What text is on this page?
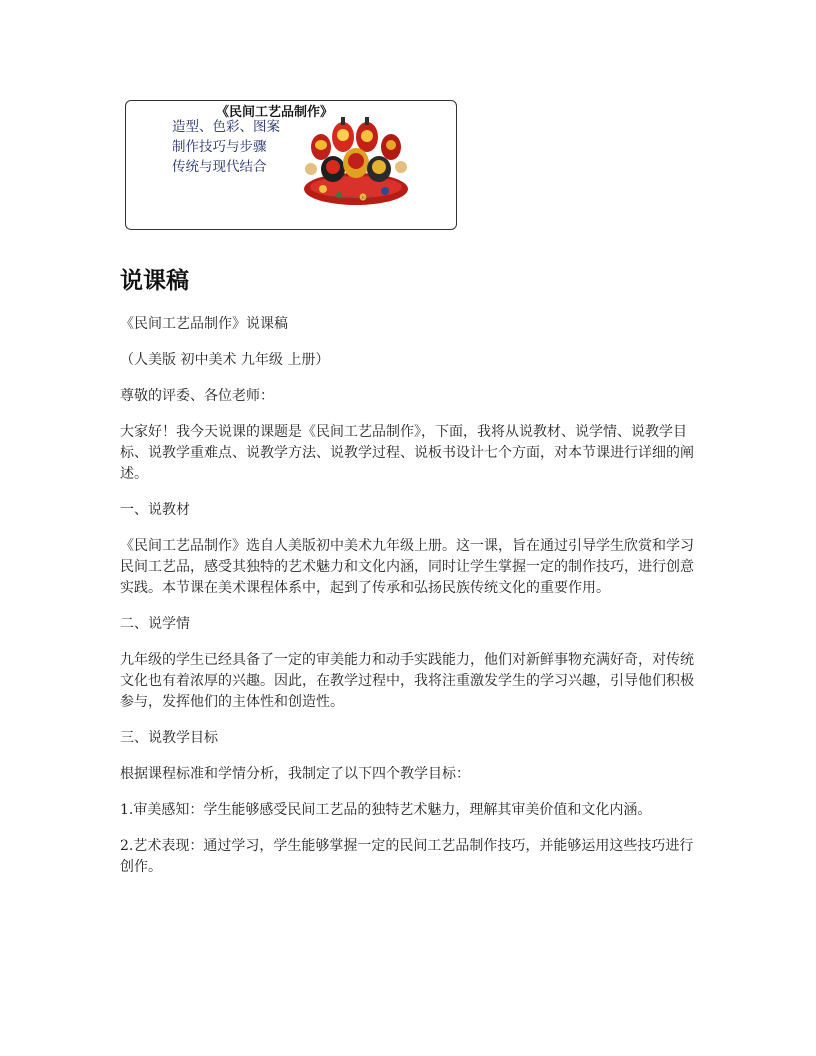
《民间工艺品制作》
造型、色彩、图案
制作技巧与步骤
传统与现代结合
南京·民间·传统·艺术品鉴
说课稿

《民间工艺品制作》说课稿

（人美版 初中美术 九年级 上册）

尊敬的评委、各位老师：

大家好！我今天说课的课题是《民间工艺品制作》，下面，我将从说教材、说学情、说教学目标、说教学重难点、说教学方法、说教学过程、说板书设计七个方面，对本节课进行详细的阐述。

一、说教材

《民间工艺品制作》选自人美版初中美术九年级上册。这一课，旨在通过引导学生欣赏和学习民间工艺品，感受其独特的艺术魅力和文化内涵，同时让学生掌握一定的制作技巧，进行创意实践。本节课在美术课程体系中，起到了传承和弘扬民族传统文化的重要作用。

二、说学情

九年级的学生已经具备了一定的审美能力和动手实践能力，他们对新鲜事物充满好奇，对传统文化也有着浓厚的兴趣。因此，在教学过程中，我将注重激发学生的学习兴趣，引导他们积极参与，发挥他们的主体性和创造性。

三、说教学目标

根据课程标准和学情分析，我制定了以下四个教学目标：

1.审美感知：学生能够感受民间工艺品的独特艺术魅力，理解其审美价值和文化内涵。

2.艺术表现：通过学习，学生能够掌握一定的民间工艺品制作技巧，并能够运用这些技巧进行创作。
